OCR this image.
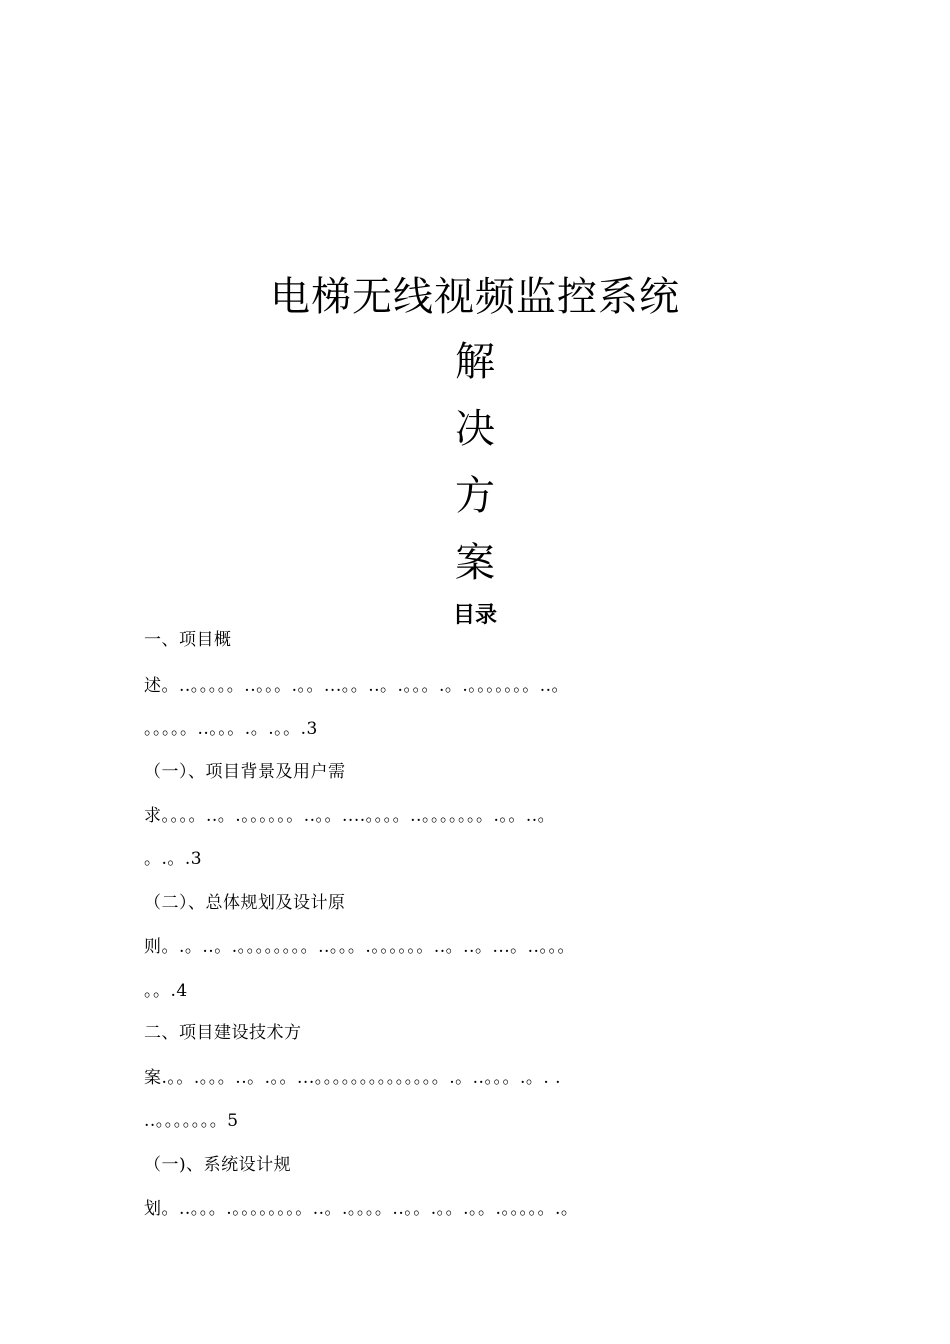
电梯无线视频监控系统
解
决
方
案
目录
一、项目概
述。..。。。。。..。。。.。。...。。..。.。。。.。.。。。。。。。..。
。。。。。..。。。.。.。。.3
（一）、项目背景及用户需
求。。。。..。.。。。。。。..。。....。。。。..。。。。。。。.。。..。
。.。.3
（二）、总体规划及设计原
则。.。..。.。。。。。。。。..。。。.。。。。。。..。..。...。..。。。
。。.4
二、项目建设技术方
案.。。.。。。..。.。。...。。。。。。。。。。。。。。.。..。。。.。. .
..。。。。。。。5
（一)、系统设计规
划。..。。。.。。。。。。。。..。.。。。。..。。.。。.。。.。。。。。.。
